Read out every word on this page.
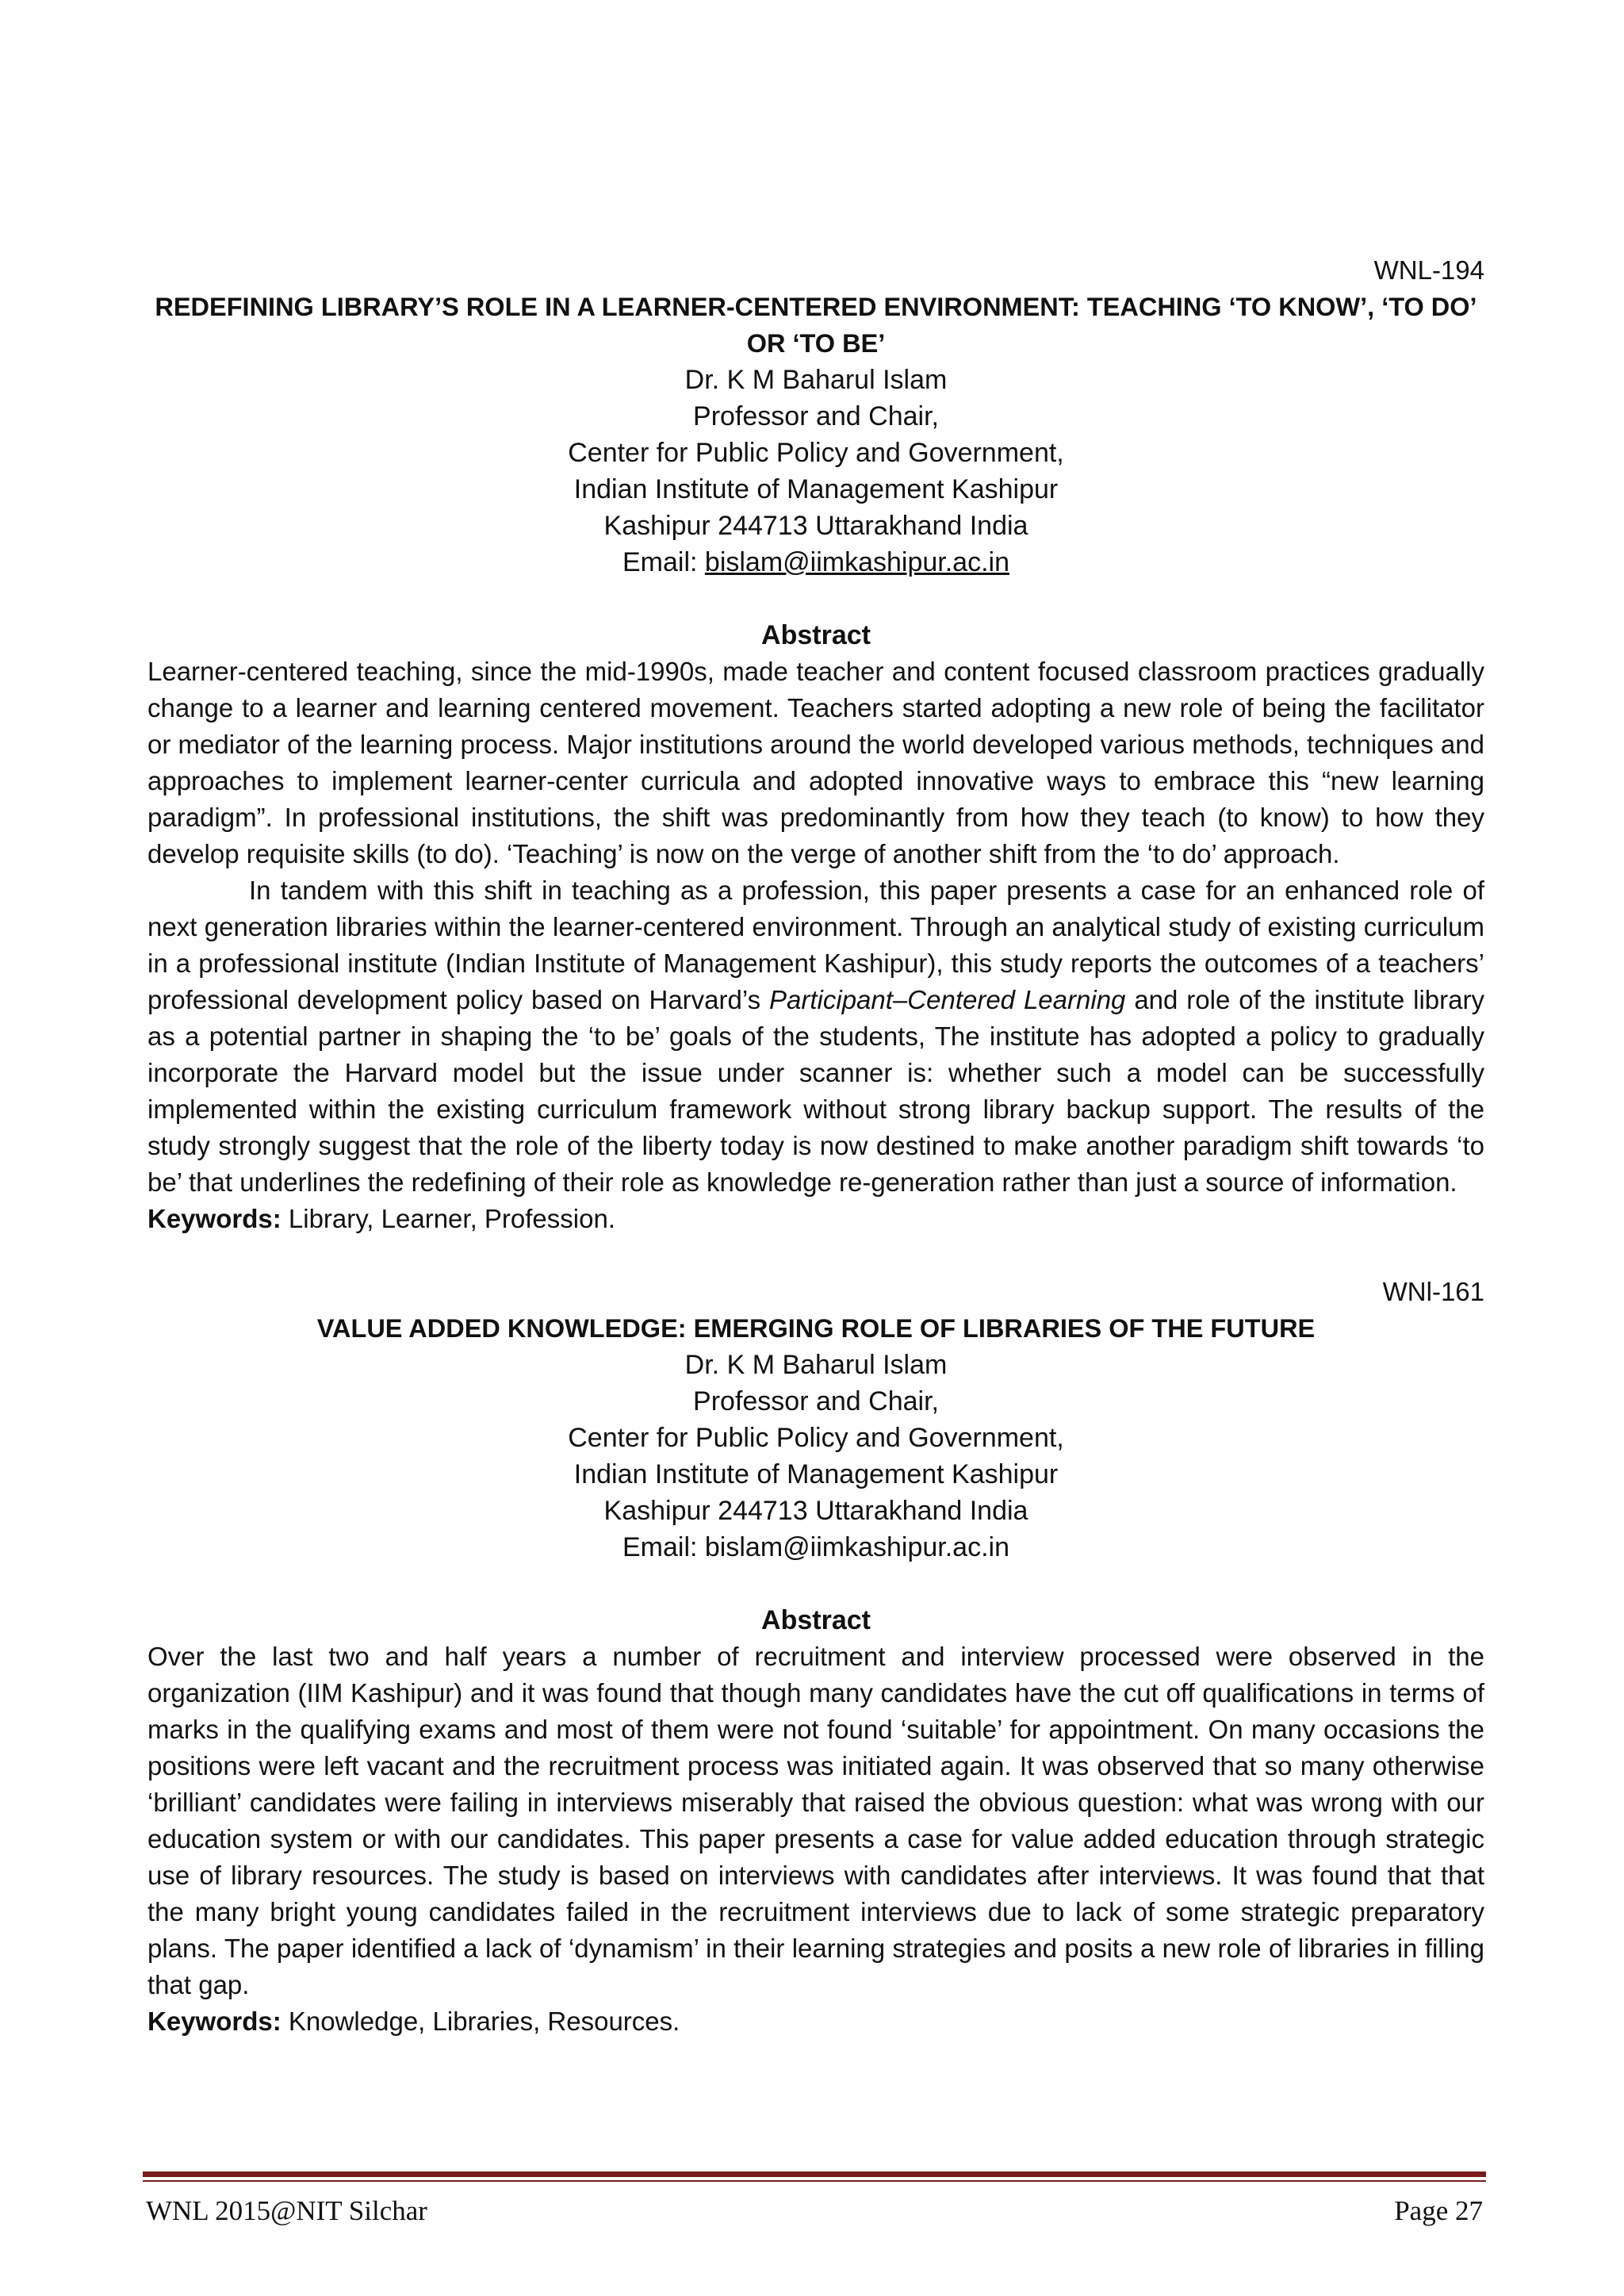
WNL-194

REDEFINING LIBRARY’S ROLE IN A LEARNER-CENTERED ENVIRONMENT: TEACHING ‘TO KNOW’, ‘TO DO’ OR ‘TO BE’

Dr. K M Baharul Islam
Professor and Chair,
Center for Public Policy and Government,
Indian Institute of Management Kashipur
Kashipur 244713 Uttarakhand India
Email: bislam@iimkashipur.ac.in

Abstract

Learner-centered teaching, since the mid-1990s, made teacher and content focused classroom practices gradually change to a learner and learning centered movement. Teachers started adopting a new role of being the facilitator or mediator of the learning process. Major institutions around the world developed various methods, techniques and approaches to implement learner-center curricula and adopted innovative ways to embrace this “new learning paradigm”. In professional institutions, the shift was predominantly from how they teach (to know) to how they develop requisite skills (to do). ‘Teaching’ is now on the verge of another shift from the ‘to do’ approach.

In tandem with this shift in teaching as a profession, this paper presents a case for an enhanced role of next generation libraries within the learner-centered environment. Through an analytical study of existing curriculum in a professional institute (Indian Institute of Management Kashipur), this study reports the outcomes of a teachers’ professional development policy based on Harvard’s Participant–Centered Learning and role of the institute library as a potential partner in shaping the ‘to be’ goals of the students, The institute has adopted a policy to gradually incorporate the Harvard model but the issue under scanner is: whether such a model can be successfully implemented within the existing curriculum framework without strong library backup support. The results of the study strongly suggest that the role of the liberty today is now destined to make another paradigm shift towards ‘to be’ that underlines the redefining of their role as knowledge re-generation rather than just a source of information.

Keywords: Library, Learner, Profession.

WNl-161

VALUE ADDED KNOWLEDGE: EMERGING ROLE OF LIBRARIES OF THE FUTURE

Dr. K M Baharul Islam
Professor and Chair,
Center for Public Policy and Government,
Indian Institute of Management Kashipur
Kashipur 244713 Uttarakhand India
Email: bislam@iimkashipur.ac.in

Abstract

Over the last two and half years a number of recruitment and interview processed were observed in the organization (IIM Kashipur) and it was found that though many candidates have the cut off qualifications in terms of marks in the qualifying exams and most of them were not found ‘suitable’ for appointment. On many occasions the positions were left vacant and the recruitment process was initiated again. It was observed that so many otherwise ‘brilliant’ candidates were failing in interviews miserably that raised the obvious question: what was wrong with our education system or with our candidates. This paper presents a case for value added education through strategic use of library resources. The study is based on interviews with candidates after interviews. It was found that that the many bright young candidates failed in the recruitment interviews due to lack of some strategic preparatory plans. The paper identified a lack of ‘dynamism’ in their learning strategies and posits a new role of libraries in filling that gap.

Keywords: Knowledge, Libraries, Resources.

WNL 2015@NIT Silchar	Page 27
